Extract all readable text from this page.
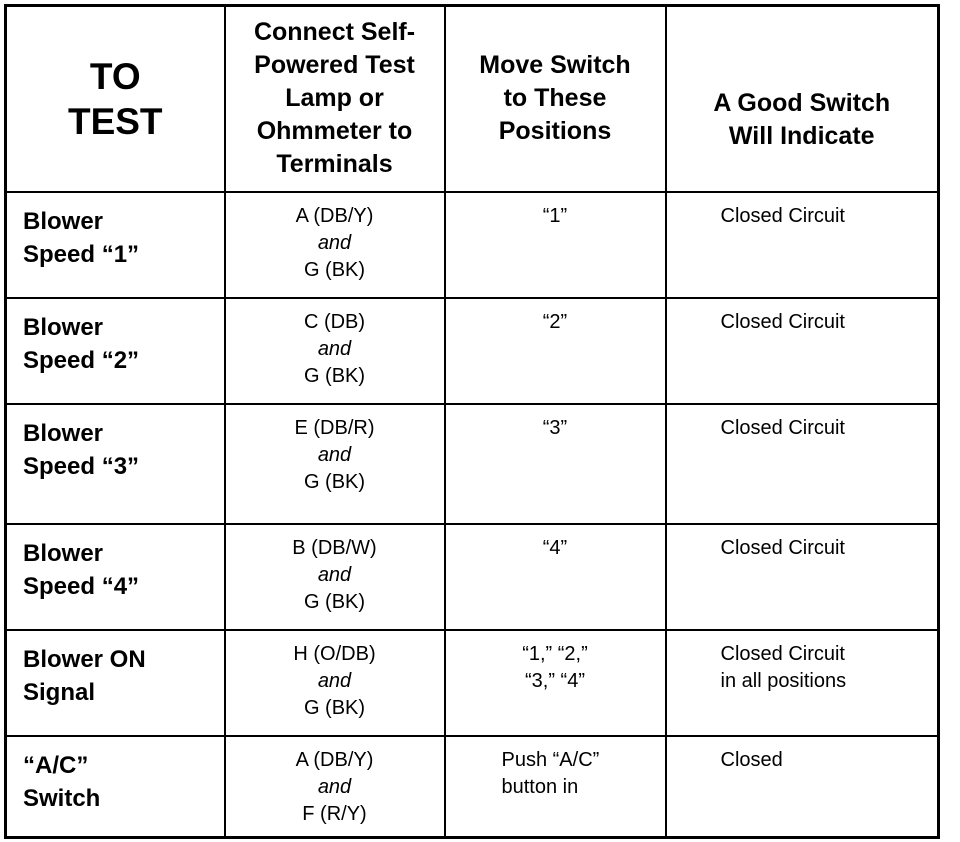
TO
TEST	Connect Self-
Powered Test
Lamp or
Ohmmeter to
Terminals	Move Switch
to These
Positions	A Good Switch
Will Indicate

Blower
Speed “1”	A (DB/Y)
and
G (BK)	“1”	Closed Circuit

Blower
Speed “2”	C (DB)
and
G (BK)	“2”	Closed Circuit

Blower
Speed “3”	E (DB/R)
and
G (BK)	“3”	Closed Circuit

Blower
Speed “4”	B (DB/W)
and
G (BK)	“4”	Closed Circuit

Blower ON
Signal	H (O/DB)
and
G (BK)	“1,” “2,”
“3,” “4”	Closed Circuit
in all positions

“A/C”
Switch	A (DB/Y)
and
F (R/Y)	Push “A/C”
button in	Closed
